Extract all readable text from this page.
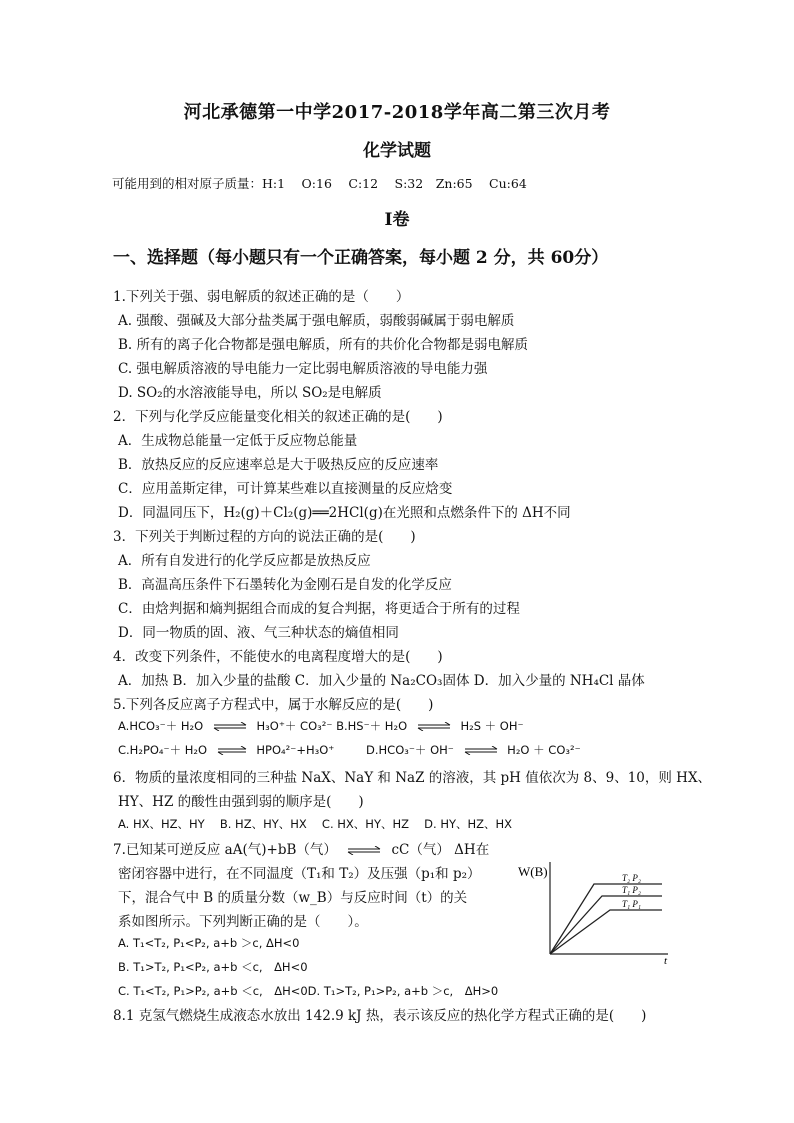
河北承德第一中学2017-2018学年高二第三次月考
化学试题
可能用到的相对原子质量：H:1　 O:16　 C:12　 S:32　Zn:65　 Cu:64
Ⅰ卷
一、选择题（每小题只有一个正确答案，每小题 2 分，共 60分）
1.下列关于强、弱电解质的叙述正确的是（　　）
A. 强酸、强碱及大部分盐类属于强电解质，弱酸弱碱属于弱电解质
B. 所有的离子化合物都是强电解质，所有的共价化合物都是弱电解质
C. 强电解质溶液的导电能力一定比弱电解质溶液的导电能力强
D. SO₂的水溶液能导电，所以 SO₂是电解质
2．下列与化学反应能量变化相关的叙述正确的是(　　)
A．生成物总能量一定低于反应物总能量
B．放热反应的反应速率总是大于吸热反应的反应速率
C．应用盖斯定律，可计算某些难以直接测量的反应焓变
D．同温同压下，H₂(g)＋Cl₂(g)══2HCl(g)在光照和点燃条件下的 ΔH不同
3．下列关于判断过程的方向的说法正确的是(　　)
A．所有自发进行的化学反应都是放热反应
B．高温高压条件下石墨转化为金刚石是自发的化学反应
C．由焓判据和熵判据组合而成的复合判据，将更适合于所有的过程
D．同一物质的固、液、气三种状态的熵值相同
4．改变下列条件，不能使水的电离程度增大的是(　　)
A．加热 B．加入少量的盐酸 C．加入少量的 Na₂CO₃固体 D．加入少量的 NH₄Cl 晶体
5.下列各反应离子方程式中，属于水解反应的是(　　)
A.HCO₃⁻＋ H₂O ⇌ H₃O⁺＋ CO₃²⁻ B.HS⁻＋ H₂O ⇌ H₂S ＋ OH⁻
C.H₂PO₄⁻＋ H₂O ⇌ HPO₄²⁻+H₃O⁺	D.HCO₃⁻＋ OH⁻ ⇌ H₂O ＋ CO₃²⁻
6．物质的量浓度相同的三种盐 NaX、NaY 和 NaZ 的溶液，其 pH 值依次为 8、9、10，则 HX、
HY、HZ 的酸性由强到弱的顺序是(　　)
A. HX、HZ、HY　 B. HZ、HY、HX　 C. HX、HY、HZ　 D. HY、HZ、HX
7.已知某可逆反应 aA(气)+bB（气） ⇌ cC（气） ΔH在
密闭容器中进行，在不同温度（T₁和 T₂）及压强（p₁和 p₂）
下，混合气中 B 的质量分数（w_B）与反应时间（t）的关
系如图所示。下列判断正确的是（　　）。
A. T₁<T₂, P₁<P₂, a+b ＞c, ΔH<0
B. T₁>T₂, P₁<P₂, a+b ＜c,　ΔH<0
C. T₁<T₂, P₁>P₂, a+b ＜c,　ΔH<0D. T₁>T₂, P₁>P₂, a+b ＞c,　ΔH>0
W(B)
t
T₂ P₂
T₁ P₂
T₁ P₁
8.1 克氢气燃烧生成液态水放出 142.9 kJ 热，表示该反应的热化学方程式正确的是(　　)
